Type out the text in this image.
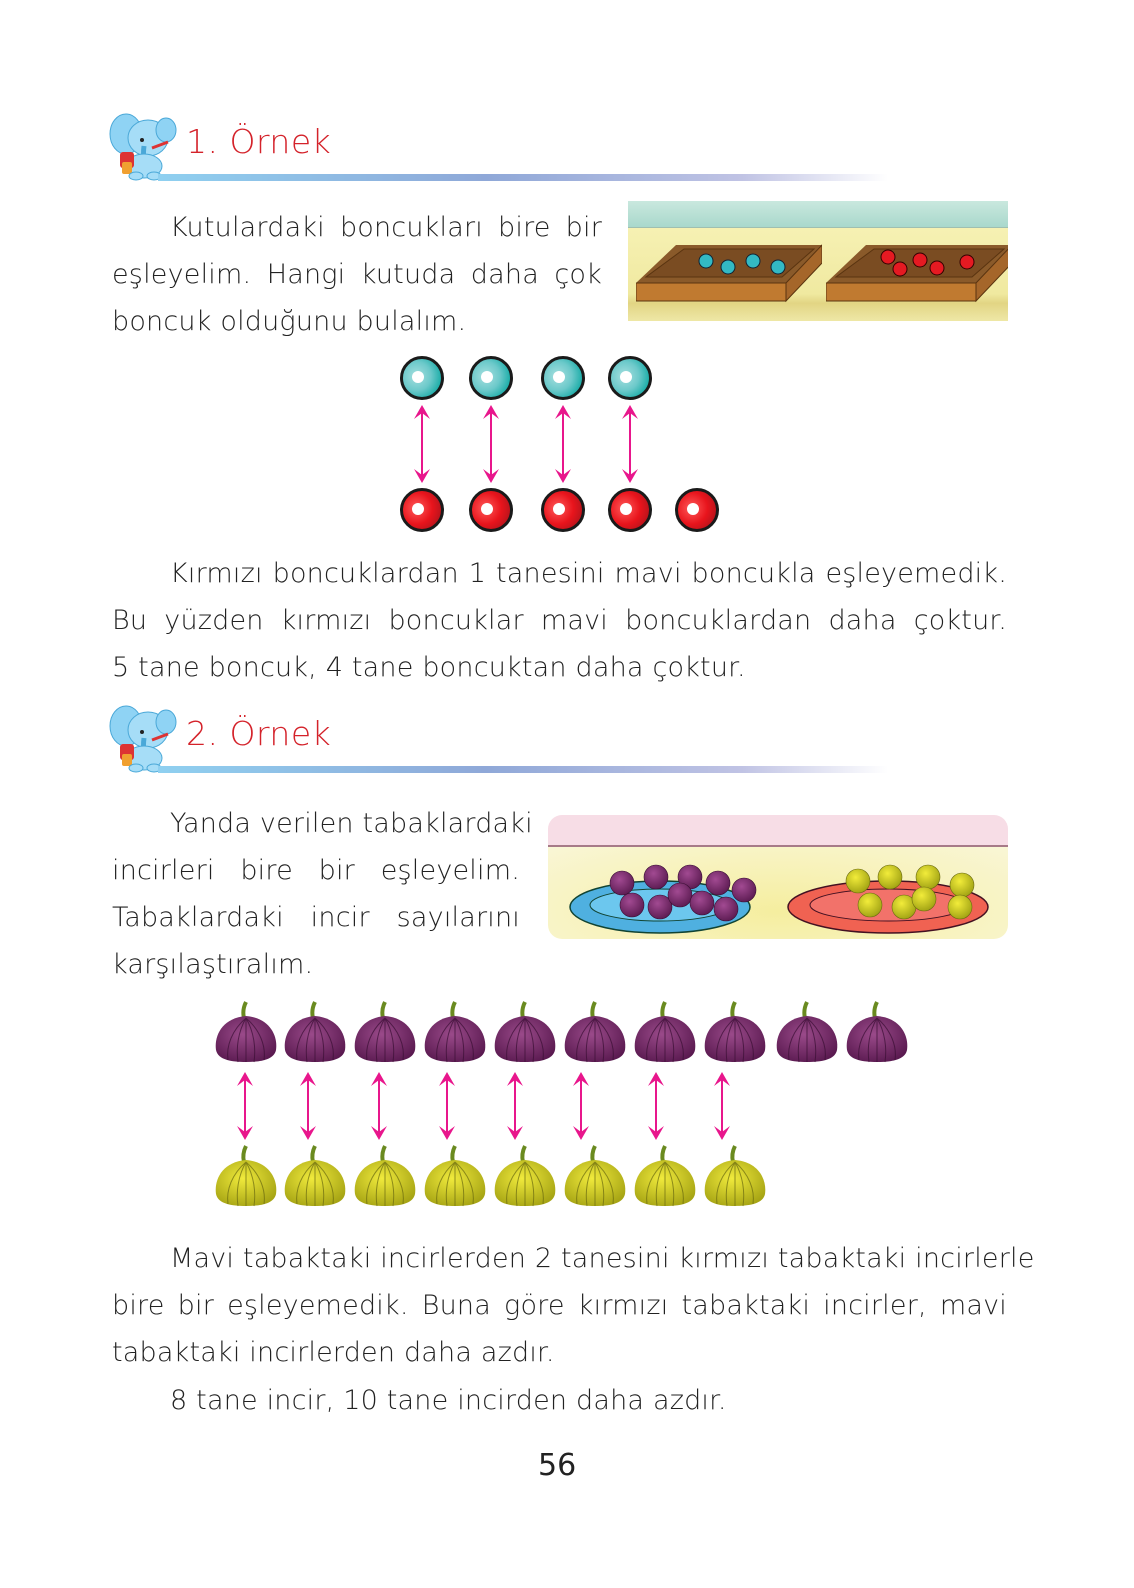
1. Örnek
Kutulardaki boncukları bire bir
eşleyelim. Hangi kutuda daha çok
boncuk olduğunu bulalım.
Kırmızı boncuklardan 1 tanesini mavi boncukla eşleyemedik.
Bu yüzden kırmızı boncuklar mavi boncuklardan daha çoktur.
5 tane boncuk, 4 tane boncuktan daha çoktur.
2. Örnek
Yanda verilen tabaklardaki
incirleri bire bir eşleyelim.
Tabaklardaki incir sayılarını
karşılaştıralım.
Mavi tabaktaki incirlerden 2 tanesini kırmızı tabaktaki incirlerle
bire bir eşleyemedik. Buna göre kırmızı tabaktaki incirler, mavi
tabaktaki incirlerden daha azdır.
8 tane incir, 10 tane incirden daha azdır.
56
